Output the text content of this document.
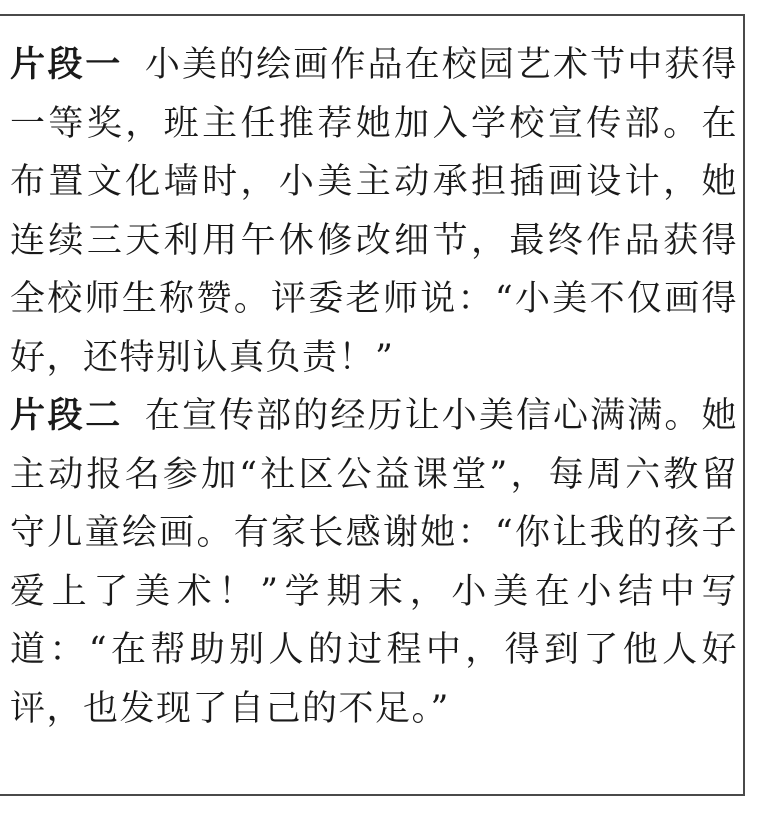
片段一 小美的绘画作品在校园艺术节中获得一等奖，班主任推荐她加入学校宣传部。在布置文化墙时，小美主动承担插画设计，她连续三天利用午休修改细节，最终作品获得全校师生称赞。评委老师说：“小美不仅画得好，还特别认真负责！”

片段二 在宣传部的经历让小美信心满满。她主动报名参加“社区公益课堂”，每周六教留守儿童绘画。有家长感谢她：“你让我的孩子爱上了美术！”学期末，小美在小结中写道：“在帮助别人的过程中，得到了他人好评，也发现了自己的不足。”
